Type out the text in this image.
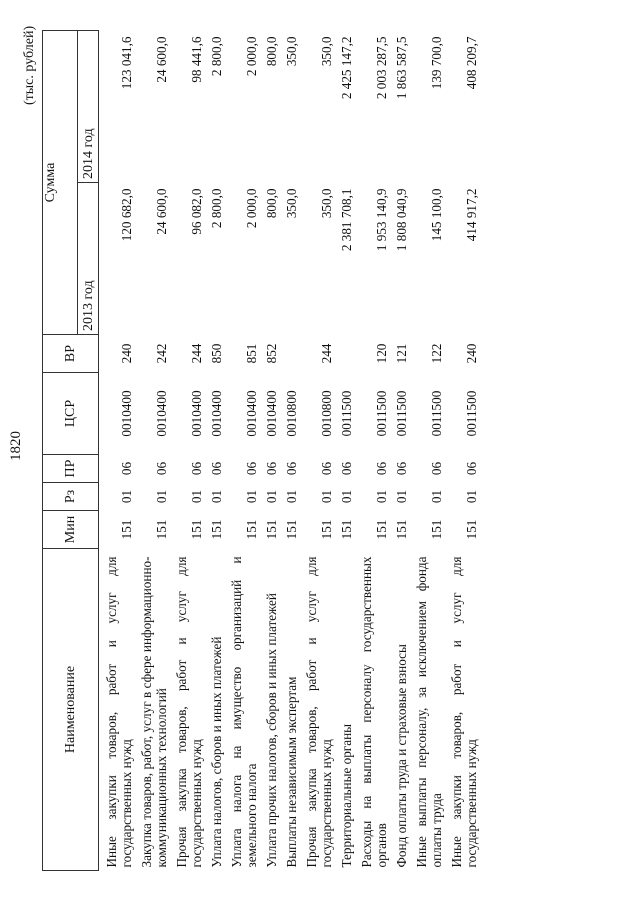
1820
(тыс. рублей)
Наименование	Мин	Рз	ПР	ЦСР	ВР	Сумма	
						2013 год	2014 год
Иные закупки товаров, работ и услуг для государственных нужд	151	01	06	0010400	240	120 682,0	123 041,6
Закупка товаров, работ, услуг в сфере информационно-коммуникационных технологий	151	01	06	0010400	242	24 600,0	24 600,0
Прочая закупка товаров, работ и услуг для государственных нужд	151	01	06	0010400	244	96 082,0	98 441,6
Уплата налогов, сборов и иных платежей	151	01	06	0010400	850	2 800,0	2 800,0
Уплата налога на имущество организаций и земельного налога	151	01	06	0010400	851	2 000,0	2 000,0
Уплата прочих налогов, сборов и иных платежей	151	01	06	0010400	852	800,0	800,0
Выплаты независимым экспертам	151	01	06	0010800		350,0	350,0
Прочая закупка товаров, работ и услуг для государственных нужд	151	01	06	0010800	244	350,0	350,0
Территориальные органы	151	01	06	0011500		2 381 708,1	2 425 147,2
Расходы на выплаты персоналу государственных органов	151	01	06	0011500	120	1 953 140,9	2 003 287,5
Фонд оплаты труда и страховые взносы	151	01	06	0011500	121	1 808 040,9	1 863 587,5
Иные выплаты персоналу, за исключением фонда оплаты труда	151	01	06	0011500	122	145 100,0	139 700,0
Иные закупки товаров, работ и услуг для государственных нужд	151	01	06	0011500	240	414 917,2	408 209,7
